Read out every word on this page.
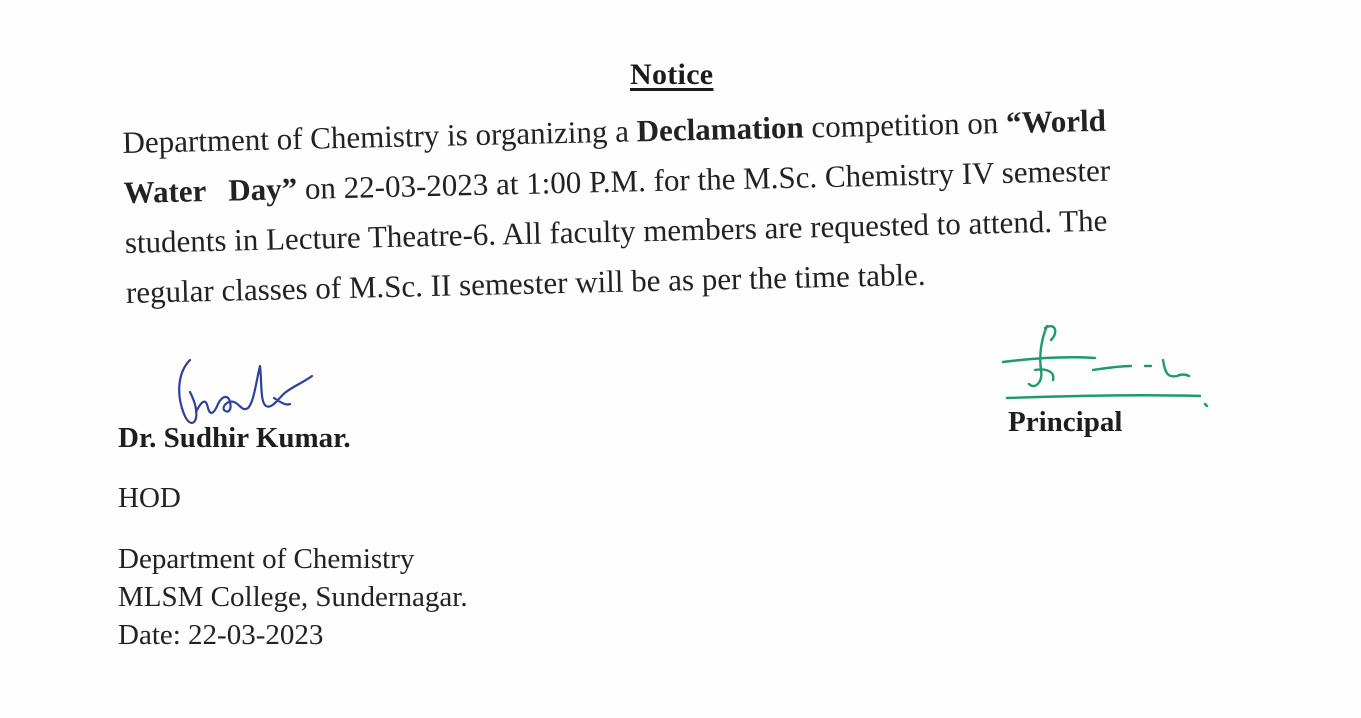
Notice
Department of Chemistry is organizing a Declamation competition on “World
Water Day” on 22-03-2023 at 1:00 P.M. for the M.Sc. Chemistry IV semester
students in Lecture Theatre-6. All faculty members are requested to attend. The
regular classes of M.Sc. II semester will be as per the time table.
Dr. Sudhir Kumar.	Principal
HOD
Department of Chemistry
MLSM College, Sundernagar.
Date: 22-03-2023
